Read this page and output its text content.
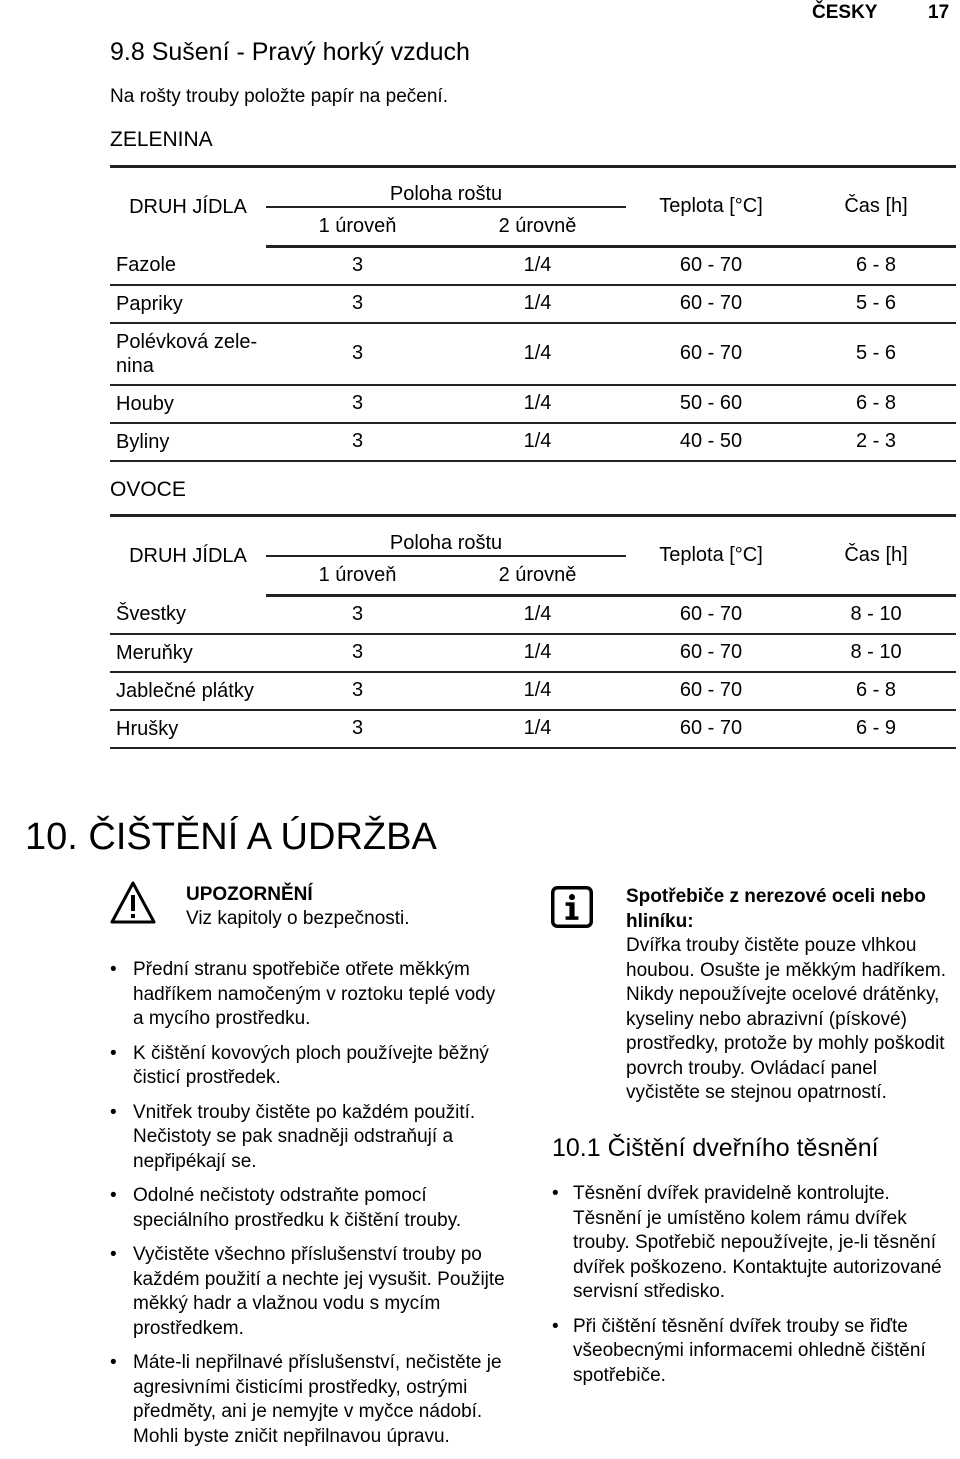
ČESKY	17
9.8 Sušení - Pravý horký vzduch
Na rošty trouby položte papír na pečení.
ZELENINA
DRUH JÍDLA	Poloha roštu		Teplota [°C]	Čas [h]
	1 úroveň	2 úrovně		
Fazole	3	1/4	60 - 70	6 - 8
Papriky	3	1/4	60 - 70	5 - 6
Polévková zele-
nina	3	1/4	60 - 70	5 - 6
Houby	3	1/4	50 - 60	6 - 8
Byliny	3	1/4	40 - 50	2 - 3
OVOCE
DRUH JÍDLA	Poloha roštu		Teplota [°C]	Čas [h]
	1 úroveň	2 úrovně		
Švestky	3	1/4	60 - 70	8 - 10
Meruňky	3	1/4	60 - 70	8 - 10
Jablečné plátky	3	1/4	60 - 70	6 - 8
Hrušky	3	1/4	60 - 70	6 - 9
10. ČIŠTĚNÍ A ÚDRŽBA
UPOZORNĚNÍ
Viz kapitoly o bezpečnosti.
• Přední stranu spotřebiče otřete měkkým hadříkem namočeným v roztoku teplé vody a mycího prostředku.
• K čištění kovových ploch používejte běžný čisticí prostředek.
• Vnitřek trouby čistěte po každém použití. Nečistoty se pak snadněji odstraňují a nepřipékají se.
• Odolné nečistoty odstraňte pomocí speciálního prostředku k čištění trouby.
• Vyčistěte všechno příslušenství trouby po každém použití a nechte jej vysušit. Použijte měkký hadr a vlažnou vodu s mycím prostředkem.
• Máte-li nepřilnavé příslušenství, nečistěte je agresivními čisticími prostředky, ostrými předměty, ani je nemyjte v myčce nádobí. Mohli byste zničit nepřilnavou úpravu.
Spotřebiče z nerezové oceli nebo hliníku:
Dvířka trouby čistěte pouze vlhkou houbou. Osušte je měkkým hadříkem. Nikdy nepoužívejte ocelové drátěnky, kyseliny nebo abrazivní (pískové) prostředky, protože by mohly poškodit povrch trouby. Ovládací panel vyčistěte se stejnou opatrností.
10.1 Čištění dveřního těsnění
• Těsnění dvířek pravidelně kontrolujte. Těsnění je umístěno kolem rámu dvířek trouby. Spotřebič nepoužívejte, je-li těsnění dvířek poškozeno. Kontaktujte autorizované servisní středisko.
• Při čištění těsnění dvířek trouby se řiďte všeobecnými informacemi ohledně čištění spotřebiče.
